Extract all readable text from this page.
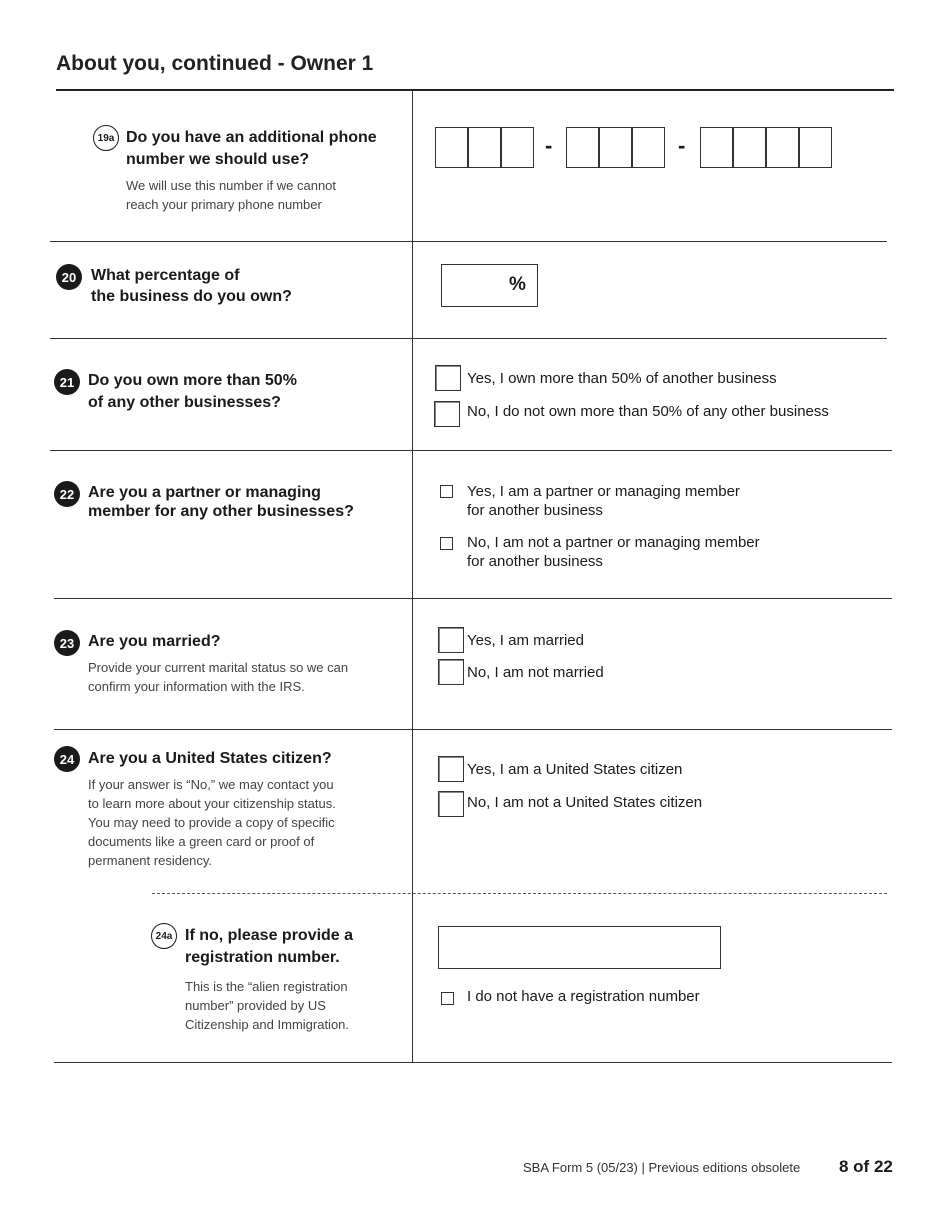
About you, continued - Owner 1
19a Do you have an additional phone
number we should use?
We will use this number if we cannot
reach your primary phone number
-	-
20 What percentage of
the business do you own?
%
21 Do you own more than 50%
of any other businesses?
Yes, I own more than 50% of another business
No, I do not own more than 50% of any other business
22 Are you a partner or managing
member for any other businesses?
Yes, I am a partner or managing member
for another business
No, I am not a partner or managing member
for another business
23 Are you married?
Provide your current marital status so we can
confirm your information with the IRS.
Yes, I am married
No, I am not married
24 Are you a United States citizen?
If your answer is “No,” we may contact you
to learn more about your citizenship status.
You may need to provide a copy of specific
documents like a green card or proof of
permanent residency.
Yes, I am a United States citizen
No, I am not a United States citizen
24a If no, please provide a
registration number.
This is the “alien registration
number” provided by US
Citizenship and Immigration.
I do not have a registration number
SBA Form 5 (05/23) | Previous editions obsolete 8 of 22
